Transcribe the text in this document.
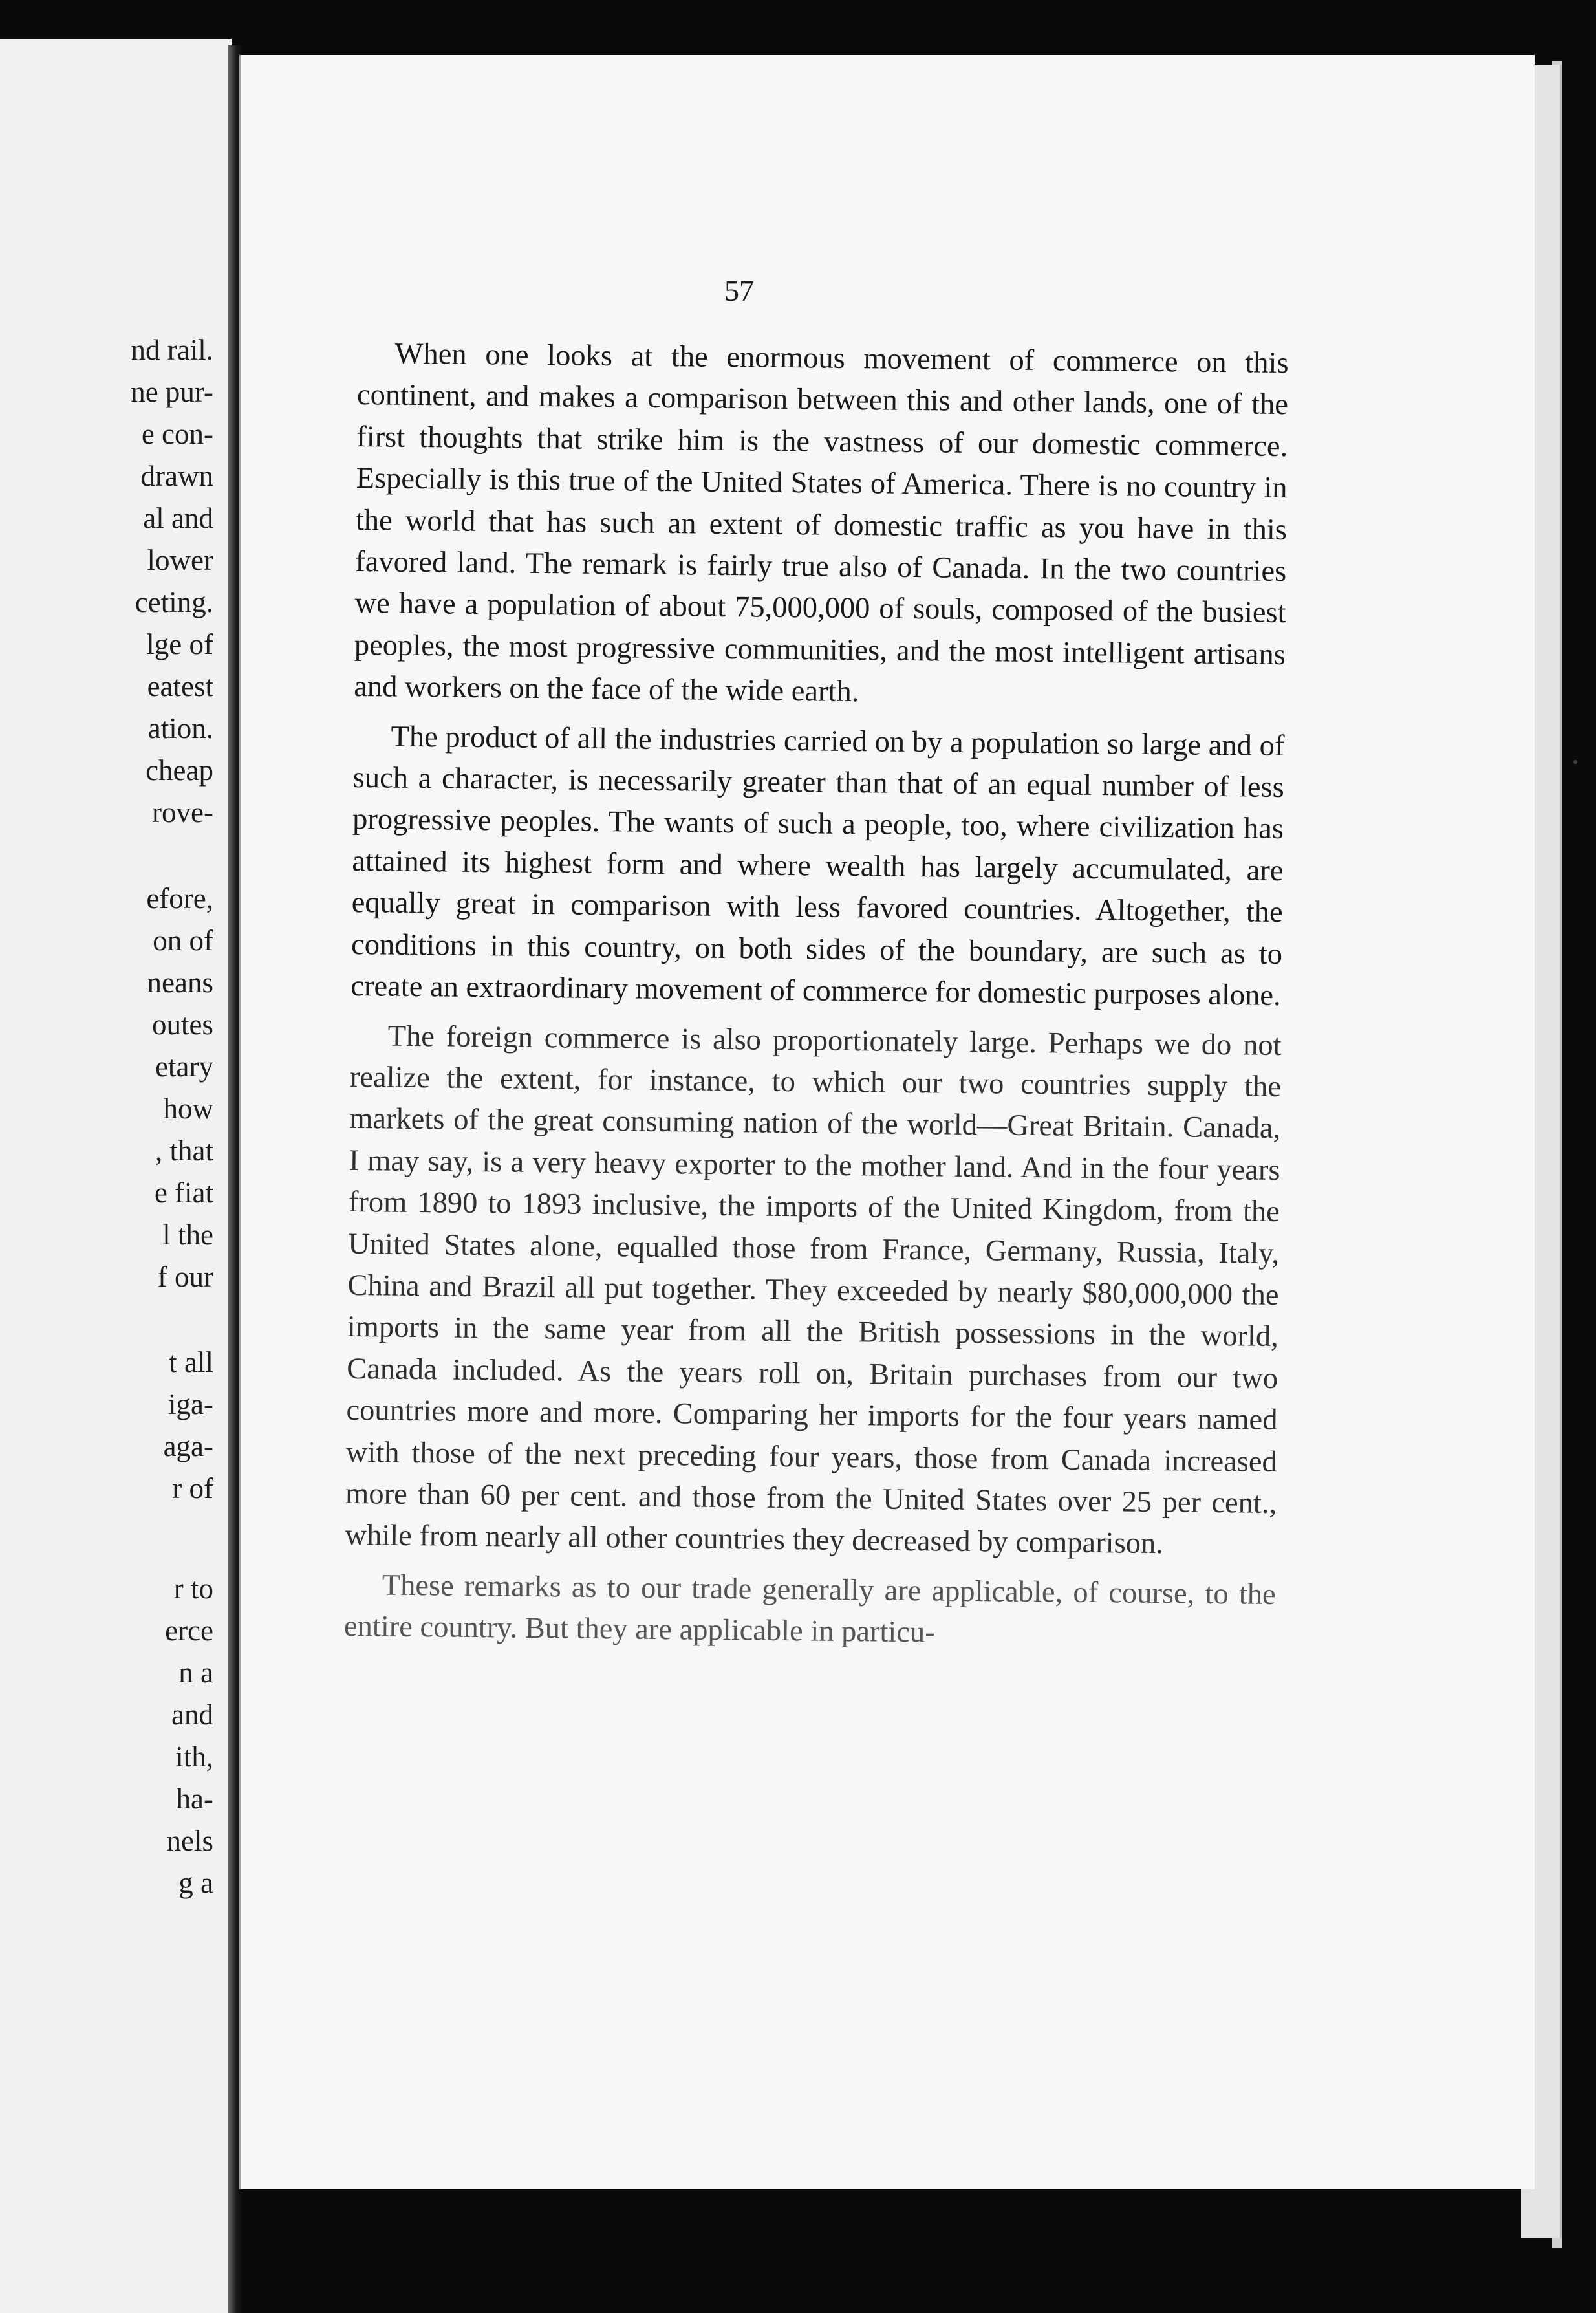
nd rail.
ne pur-
e con-
drawn
al and
lower
ceting.
lge of
eatest
ation.
cheap
rove-
efore,
on of
neans
outes
etary
how
, that
e fiat
l the
f our
t all
iga-
aga-
r of
r to
erce
n a
and
ith,
ha-
nels
g a
57

When one looks at the enormous movement of commerce on this continent, and makes a comparison between this and other lands, one of the first thoughts that strike him is the vastness of our domestic commerce. Especially is this true of the United States of America. There is no country in the world that has such an extent of domestic traffic as you have in this favored land. The remark is fairly true also of Canada. In the two countries we have a population of about 75,000,000 of souls, composed of the busiest peoples, the most progressive communities, and the most intelligent artisans and workers on the face of the wide earth.

The product of all the industries carried on by a population so large and of such a character, is necessarily greater than that of an equal number of less progressive peoples. The wants of such a people, too, where civilization has attained its highest form and where wealth has largely accumulated, are equally great in comparison with less favored countries. Altogether, the conditions in this country, on both sides of the boundary, are such as to create an extraordinary movement of commerce for domestic purposes alone.

The foreign commerce is also proportionately large. Perhaps we do not realize the extent, for instance, to which our two countries supply the markets of the great consuming nation of the world—Great Britain. Canada, I may say, is a very heavy exporter to the mother land. And in the four years from 1890 to 1893 inclusive, the imports of the United Kingdom, from the United States alone, equalled those from France, Germany, Russia, Italy, China and Brazil all put together. They exceeded by nearly $80,000,000 the imports in the same year from all the British possessions in the world, Canada included. As the years roll on, Britain purchases from our two countries more and more. Comparing her imports for the four years named with those of the next preceding four years, those from Canada increased more than 60 per cent. and those from the United States over 25 per cent., while from nearly all other countries they decreased by comparison.

These remarks as to our trade generally are applicable, of course, to the entire country. But they are applicable in particu-
